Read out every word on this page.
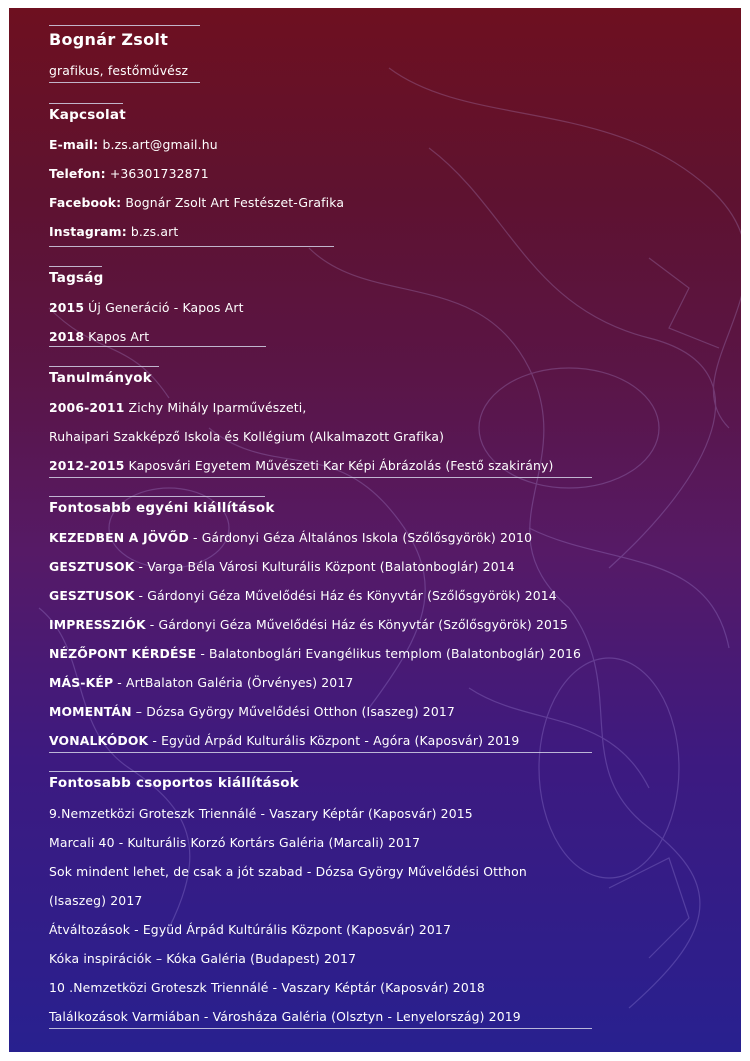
Bognár Zsolt
grafikus, festőművész
Kapcsolat
E-mail: b.zs.art@gmail.hu
Telefon: +36301732871
Facebook: Bognár Zsolt Art Festészet-Grafika
Instagram: b.zs.art
Tagság
2015 Új Generáció - Kapos Art
2018 Kapos Art
Tanulmányok
2006-2011 Zichy Mihály Iparművészeti,
Ruhaipari Szakképző Iskola és Kollégium (Alkalmazott Grafika)
2012-2015 Kaposvári Egyetem Művészeti Kar Képi Ábrázolás (Festő szakirány)
Fontosabb egyéni kiállítások
KEZEDBEN A JÖVŐD - Gárdonyi Géza Általános Iskola (Szőlősgyörök) 2010
GESZTUSOK - Varga Béla Városi Kulturális Központ (Balatonboglár) 2014
GESZTUSOK - Gárdonyi Géza Művelődési Ház és Könyvtár (Szőlősgyörök) 2014
IMPRESSZIÓK - Gárdonyi Géza Művelődési Ház és Könyvtár (Szőlősgyörök) 2015
NÉZŐPONT KÉRDÉSE - Balatonboglári Evangélikus templom (Balatonboglár) 2016
MÁS-KÉP - ArtBalaton Galéria (Örvényes) 2017
MOMENTÁN – Dózsa György Művelődési Otthon (Isaszeg) 2017
VONALKÓDOK - Együd Árpád Kulturális Központ - Agóra (Kaposvár) 2019
Fontosabb csoportos kiállítások
9.Nemzetközi Groteszk Triennálé - Vaszary Képtár (Kaposvár) 2015
Marcali 40 - Kulturális Korzó Kortárs Galéria (Marcali) 2017
Sok mindent lehet, de csak a jót szabad - Dózsa György Művelődési Otthon
(Isaszeg) 2017
Átváltozások - Együd Árpád Kultúrális Központ (Kaposvár) 2017
Kóka inspirációk – Kóka Galéria (Budapest) 2017
10 .Nemzetközi Groteszk Triennálé - Vaszary Képtár (Kaposvár) 2018
Találkozások Varmiában - Városháza Galéria (Olsztyn - Lenyelország) 2019
